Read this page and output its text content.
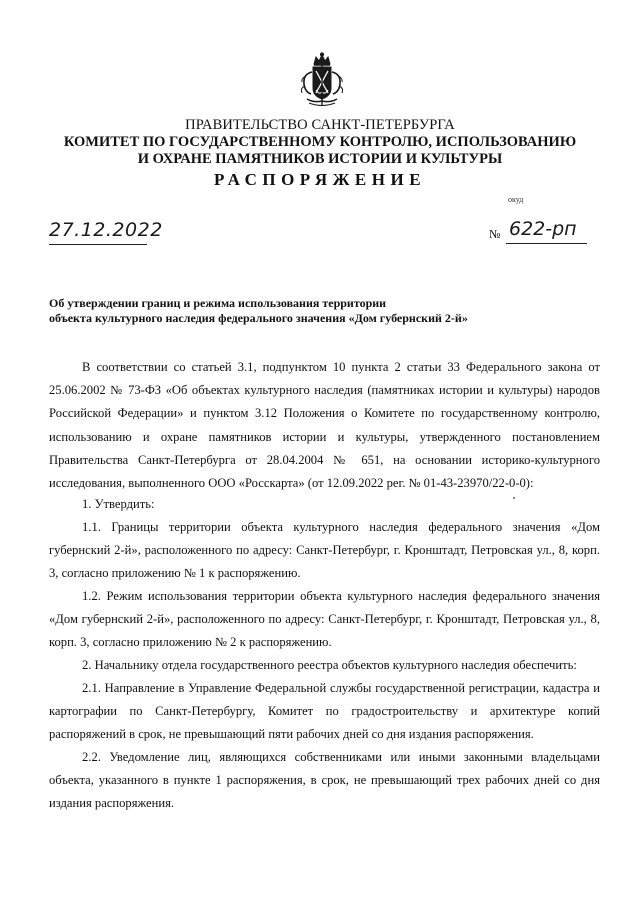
ПРАВИТЕЛЬСТВО САНКТ-ПЕТЕРБУРГА
КОМИТЕТ ПО ГОСУДАРСТВЕННОМУ КОНТРОЛЮ, ИСПОЛЬЗОВАНИЮ
И ОХРАНЕ ПАМЯТНИКОВ ИСТОРИИ И КУЛЬТУРЫ
РАСПОРЯЖЕНИЕ
окуд
27.12.2022	№ 622-рп
Об утверждении границ и режима использования территории
объекта культурного наследия федерального значения «Дом губернский 2-й»

В соответствии со статьей 3.1, подпунктом 10 пункта 2 статьи 33 Федерального закона от 25.06.2002 № 73-ФЗ «Об объектах культурного наследия (памятниках истории и культуры) народов Российской Федерации» и пунктом 3.12 Положения о Комитете по государственному контролю, использованию и охране памятников истории и культуры, утвержденного постановлением Правительства Санкт-Петербурга от 28.04.2004 № 651, на основании историко-культурного исследования, выполненного ООО «Росскарта» (от 12.09.2022 рег. № 01-43-23970/22-0-0):

1. Утвердить:

1.1. Границы территории объекта культурного наследия федерального значения «Дом губернский 2-й», расположенного по адресу: Санкт-Петербург, г. Кронштадт, Петровская ул., 8, корп. 3, согласно приложению № 1 к распоряжению.

1.2. Режим использования территории объекта культурного наследия федерального значения «Дом губернский 2-й», расположенного по адресу: Санкт-Петербург, г. Кронштадт, Петровская ул., 8, корп. 3, согласно приложению № 2 к распоряжению.

2. Начальнику отдела государственного реестра объектов культурного наследия обеспечить:

2.1. Направление в Управление Федеральной службы государственной регистрации, кадастра и картографии по Санкт-Петербургу, Комитет по градостроительству и архитектуре копий распоряжений в срок, не превышающий пяти рабочих дней со дня издания распоряжения.

2.2. Уведомление лиц, являющихся собственниками или иными законными владельцами объекта, указанного в пункте 1 распоряжения, в срок, не превышающий трех рабочих дней со дня издания распоряжения.
